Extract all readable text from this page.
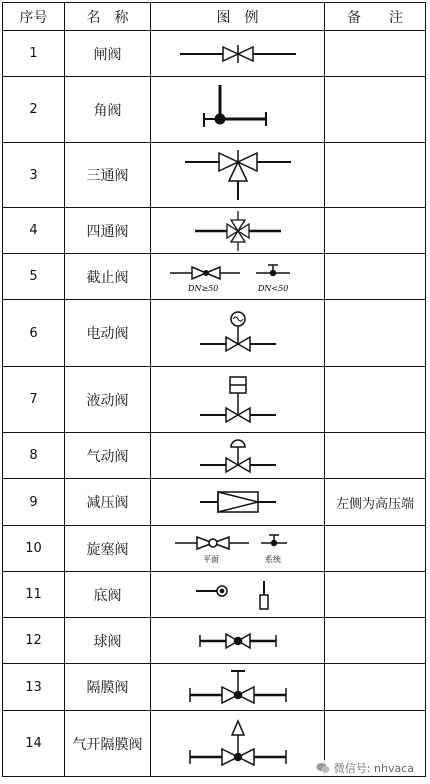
序号	名　称	图　例	备　　注
1	闸阀	

2	角阀	

3	三通阀	

4	四通阀	

5	截止阀	DN≥50 DN<50	

6	电动阀	

7	液动阀	

8	气动阀	

9	减压阀		左侧为高压端
10	旋塞阀	平面 系统	

11	底阀	

12	球阀	

13	隔膜阀	

14	气开隔膜阀	

微信号: nhvaca
